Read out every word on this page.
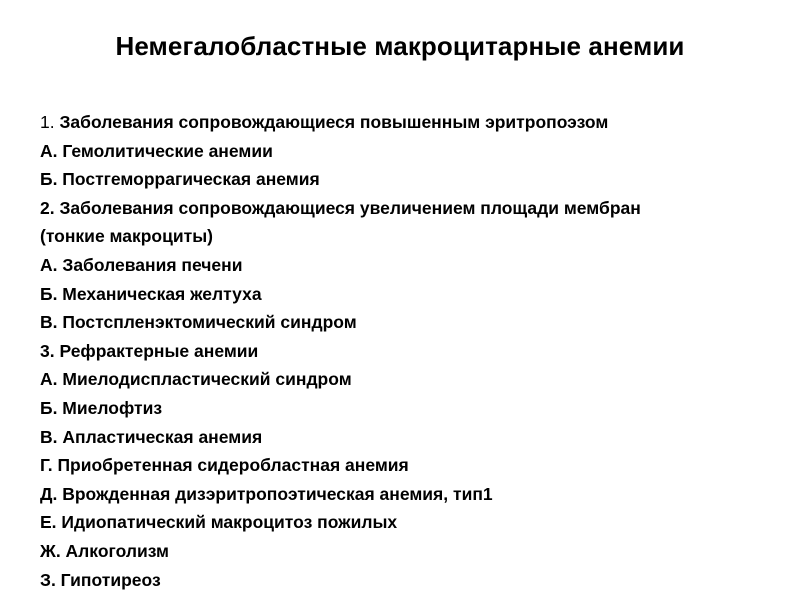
Немегалобластные макроцитарные анемии
1. Заболевания сопровождающиеся повышенным эритропоэзом
А. Гемолитические анемии
Б. Постгеморрагическая анемия
2. Заболевания сопровождающиеся увеличением площади мембран
(тонкие макроциты)
А. Заболевания печени
Б. Механическая желтуха
В. Постспленэктомический синдром
3. Рефрактерные анемии
А. Миелодиспластический синдром
Б. Миелофтиз
В. Апластическая анемия
Г. Приобретенная сидеробластная анемия
Д. Врожденная дизэритропоэтическая анемия, тип1
Е. Идиопатический макроцитоз пожилых
Ж. Алкоголизм
З. Гипотиреоз
